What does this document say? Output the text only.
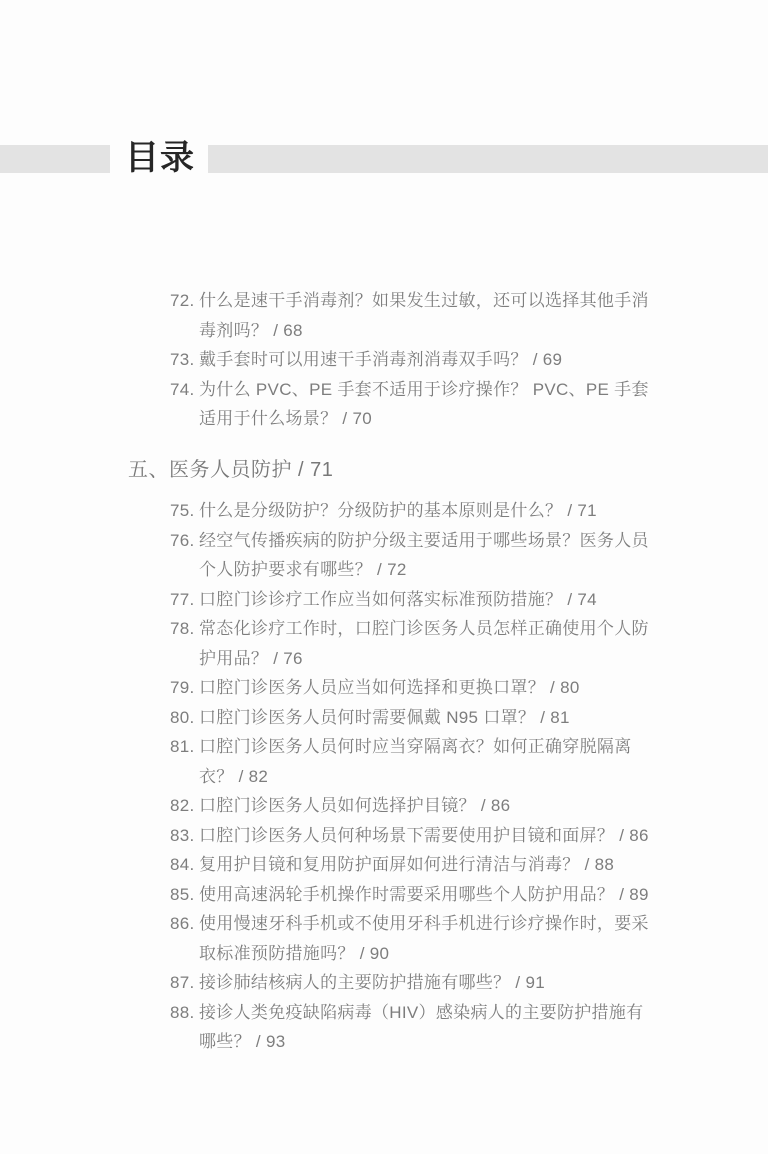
目录
72. 什么是速干手消毒剂？如果发生过敏，还可以选择其他手消毒剂吗？ / 68
73. 戴手套时可以用速干手消毒剂消毒双手吗？ / 69
74. 为什么 PVC、PE 手套不适用于诊疗操作？ PVC、PE 手套适用于什么场景？ / 70
五、医务人员防护 / 71
75. 什么是分级防护？分级防护的基本原则是什么？ / 71
76. 经空气传播疾病的防护分级主要适用于哪些场景？医务人员个人防护要求有哪些？ / 72
77. 口腔门诊诊疗工作应当如何落实标准预防措施？ / 74
78. 常态化诊疗工作时，口腔门诊医务人员怎样正确使用个人防护用品？ / 76
79. 口腔门诊医务人员应当如何选择和更换口罩？ / 80
80. 口腔门诊医务人员何时需要佩戴 N95 口罩？ / 81
81. 口腔门诊医务人员何时应当穿隔离衣？如何正确穿脱隔离衣？ / 82
82. 口腔门诊医务人员如何选择护目镜？ / 86
83. 口腔门诊医务人员何种场景下需要使用护目镜和面屏？ / 86
84. 复用护目镜和复用防护面屏如何进行清洁与消毒？ / 88
85. 使用高速涡轮手机操作时需要采用哪些个人防护用品？ / 89
86. 使用慢速牙科手机或不使用牙科手机进行诊疗操作时，要采取标准预防措施吗？ / 90
87. 接诊肺结核病人的主要防护措施有哪些？ / 91
88. 接诊人类免疫缺陷病毒（HIV）感染病人的主要防护措施有哪些？ / 93
